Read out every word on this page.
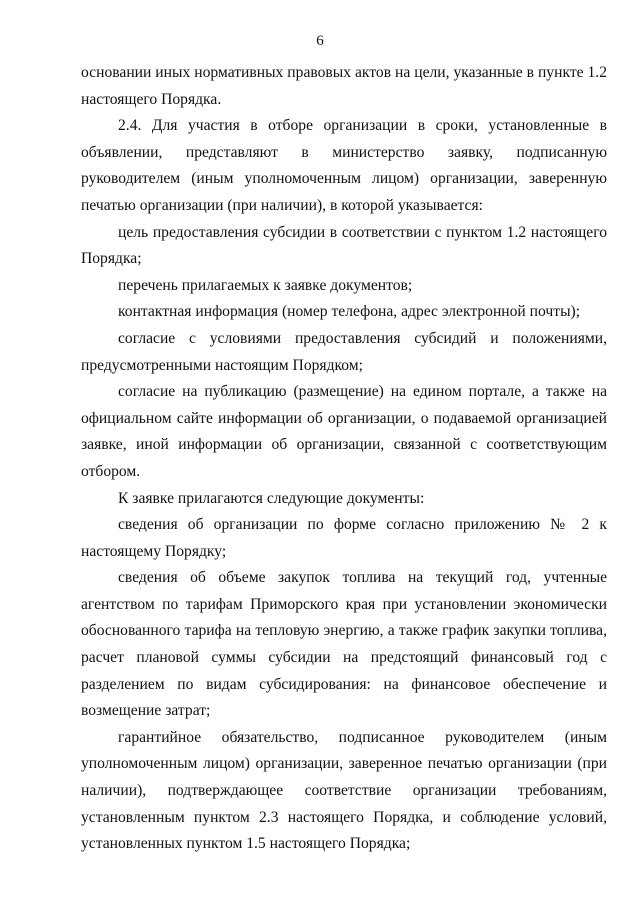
6

основании иных нормативных правовых актов на цели, указанные в пункте 1.2 настоящего Порядка.

2.4. Для участия в отборе организации в сроки, установленные в объявлении, представляют в министерство заявку, подписанную руководителем (иным уполномоченным лицом) организации, заверенную печатью организации (при наличии), в которой указывается:

цель предоставления субсидии в соответствии с пунктом 1.2 настоящего Порядка;

перечень прилагаемых к заявке документов;

контактная информация (номер телефона, адрес электронной почты);

согласие с условиями предоставления субсидий и положениями, предусмотренными настоящим Порядком;

согласие на публикацию (размещение) на едином портале, а также на официальном сайте информации об организации, о подаваемой организацией заявке, иной информации об организации, связанной с соответствующим отбором.

К заявке прилагаются следующие документы:

сведения об организации по форме согласно приложению № 2 к настоящему Порядку;

сведения об объеме закупок топлива на текущий год, учтенные агентством по тарифам Приморского края при установлении экономически обоснованного тарифа на тепловую энергию, а также график закупки топлива, расчет плановой суммы субсидии на предстоящий финансовый год с разделением по видам субсидирования: на финансовое обеспечение и возмещение затрат;

гарантийное обязательство, подписанное руководителем (иным уполномоченным лицом) организации, заверенное печатью организации (при наличии), подтверждающее соответствие организации требованиям, установленным пунктом 2.3 настоящего Порядка, и соблюдение условий, установленных пунктом 1.5 настоящего Порядка;
